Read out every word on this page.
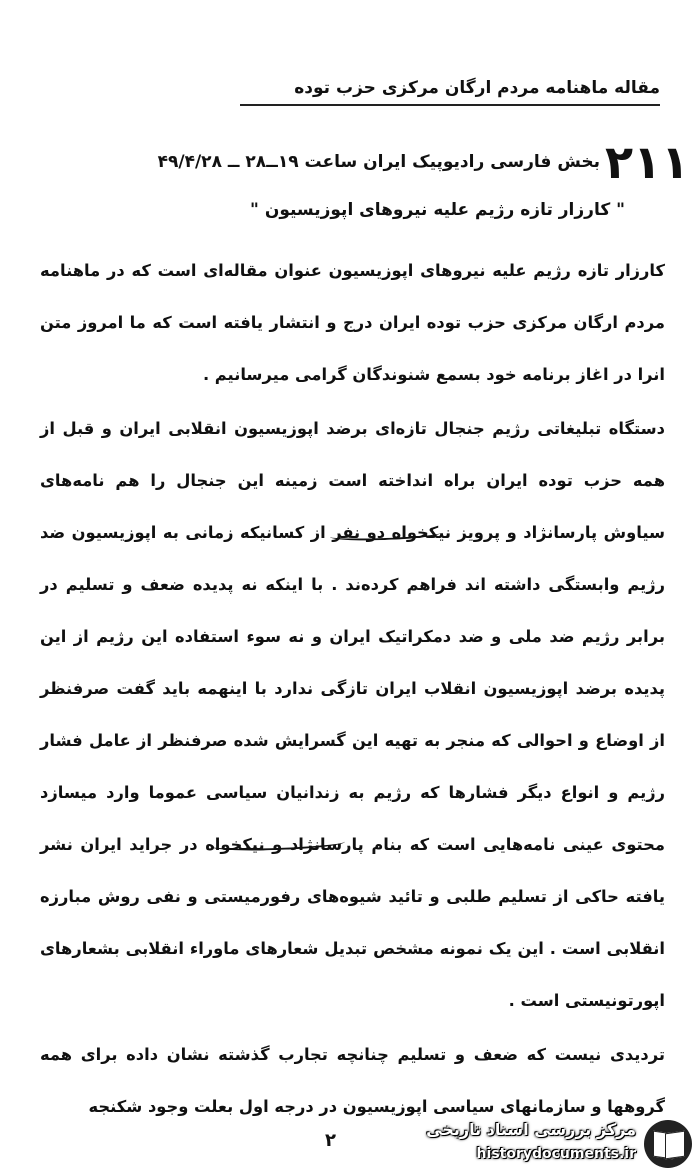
مقاله ماهنامه مردم ارگان مرکزی حزب توده
۲۱۱
بخش فارسی رادیوپیک ایران ساعت ۱۹ــ۲۸ ــ ۴۹/۴/۲۸
" کارزار تازه رژیم علیه نیروهای اپوزیسیون "

کارزار تازه رژیم علیه نیروهای اپوزیسیون عنوان مقاله‌ای است که در ماهنامه مردم ارگان مرکزی حزب توده ایران درج و انتشار یافته است که ما امروز متن انرا در اغاز برنامه خود بسمع شنوندگان گرامی میرسانیم .

دستگاه تبلیغاتی رژیم جنجال تازه‌ای برضد اپوزیسیون انقلابی ایران و قبل از همه حزب توده ایران براه انداخته است زمینه این جنجال را هم نامه‌های سیاوش پارسانژاد و پرویز نیکخواه دو نفر از کسانیکه زمانی به اپوزیسیون ضد رژیم وابستگی داشته اند فراهم کرده‌ند . با اینکه نه پدیده ضعف و تسلیم در برابر رژیم ضد ملی و ضد دمکراتیک ایران و نه سوء استفاده این رژیم از این پدیده برضد اپوزیسیون انقلاب ایران تازگی ندارد با اینهمه باید گفت صرفنظر از اوضاع و احوالی که منجر به تهیه این گسرایش شده صرفنظر از عامل فشار رژیم و انواع دیگر فشارها که رژیم به زندانیان سیاسی عموما وارد میسازد محتوی عینی نامه‌هایی است که بنام پارسانژاد و نیکخواه در جراید ایران نشر یافته حاکی از تسلیم طلبی و تائید شیوه‌های رفورمیستی و نفی روش مبارزه انقلابی است . این یک نمونه مشخص تبدیل شعارهای ماوراء انقلابی بشعارهای اپورتونیستی است .

تردیدی نیست که ضعف و تسلیم چنانچه تجارب گذشته نشان داده برای همه گروهها و سازمانهای سیاسی اپوزیسیون در درجه اول بعلت وجود شکنجه

۲
مرکز بررسی اسناد تاریخی
historydocuments.ir
